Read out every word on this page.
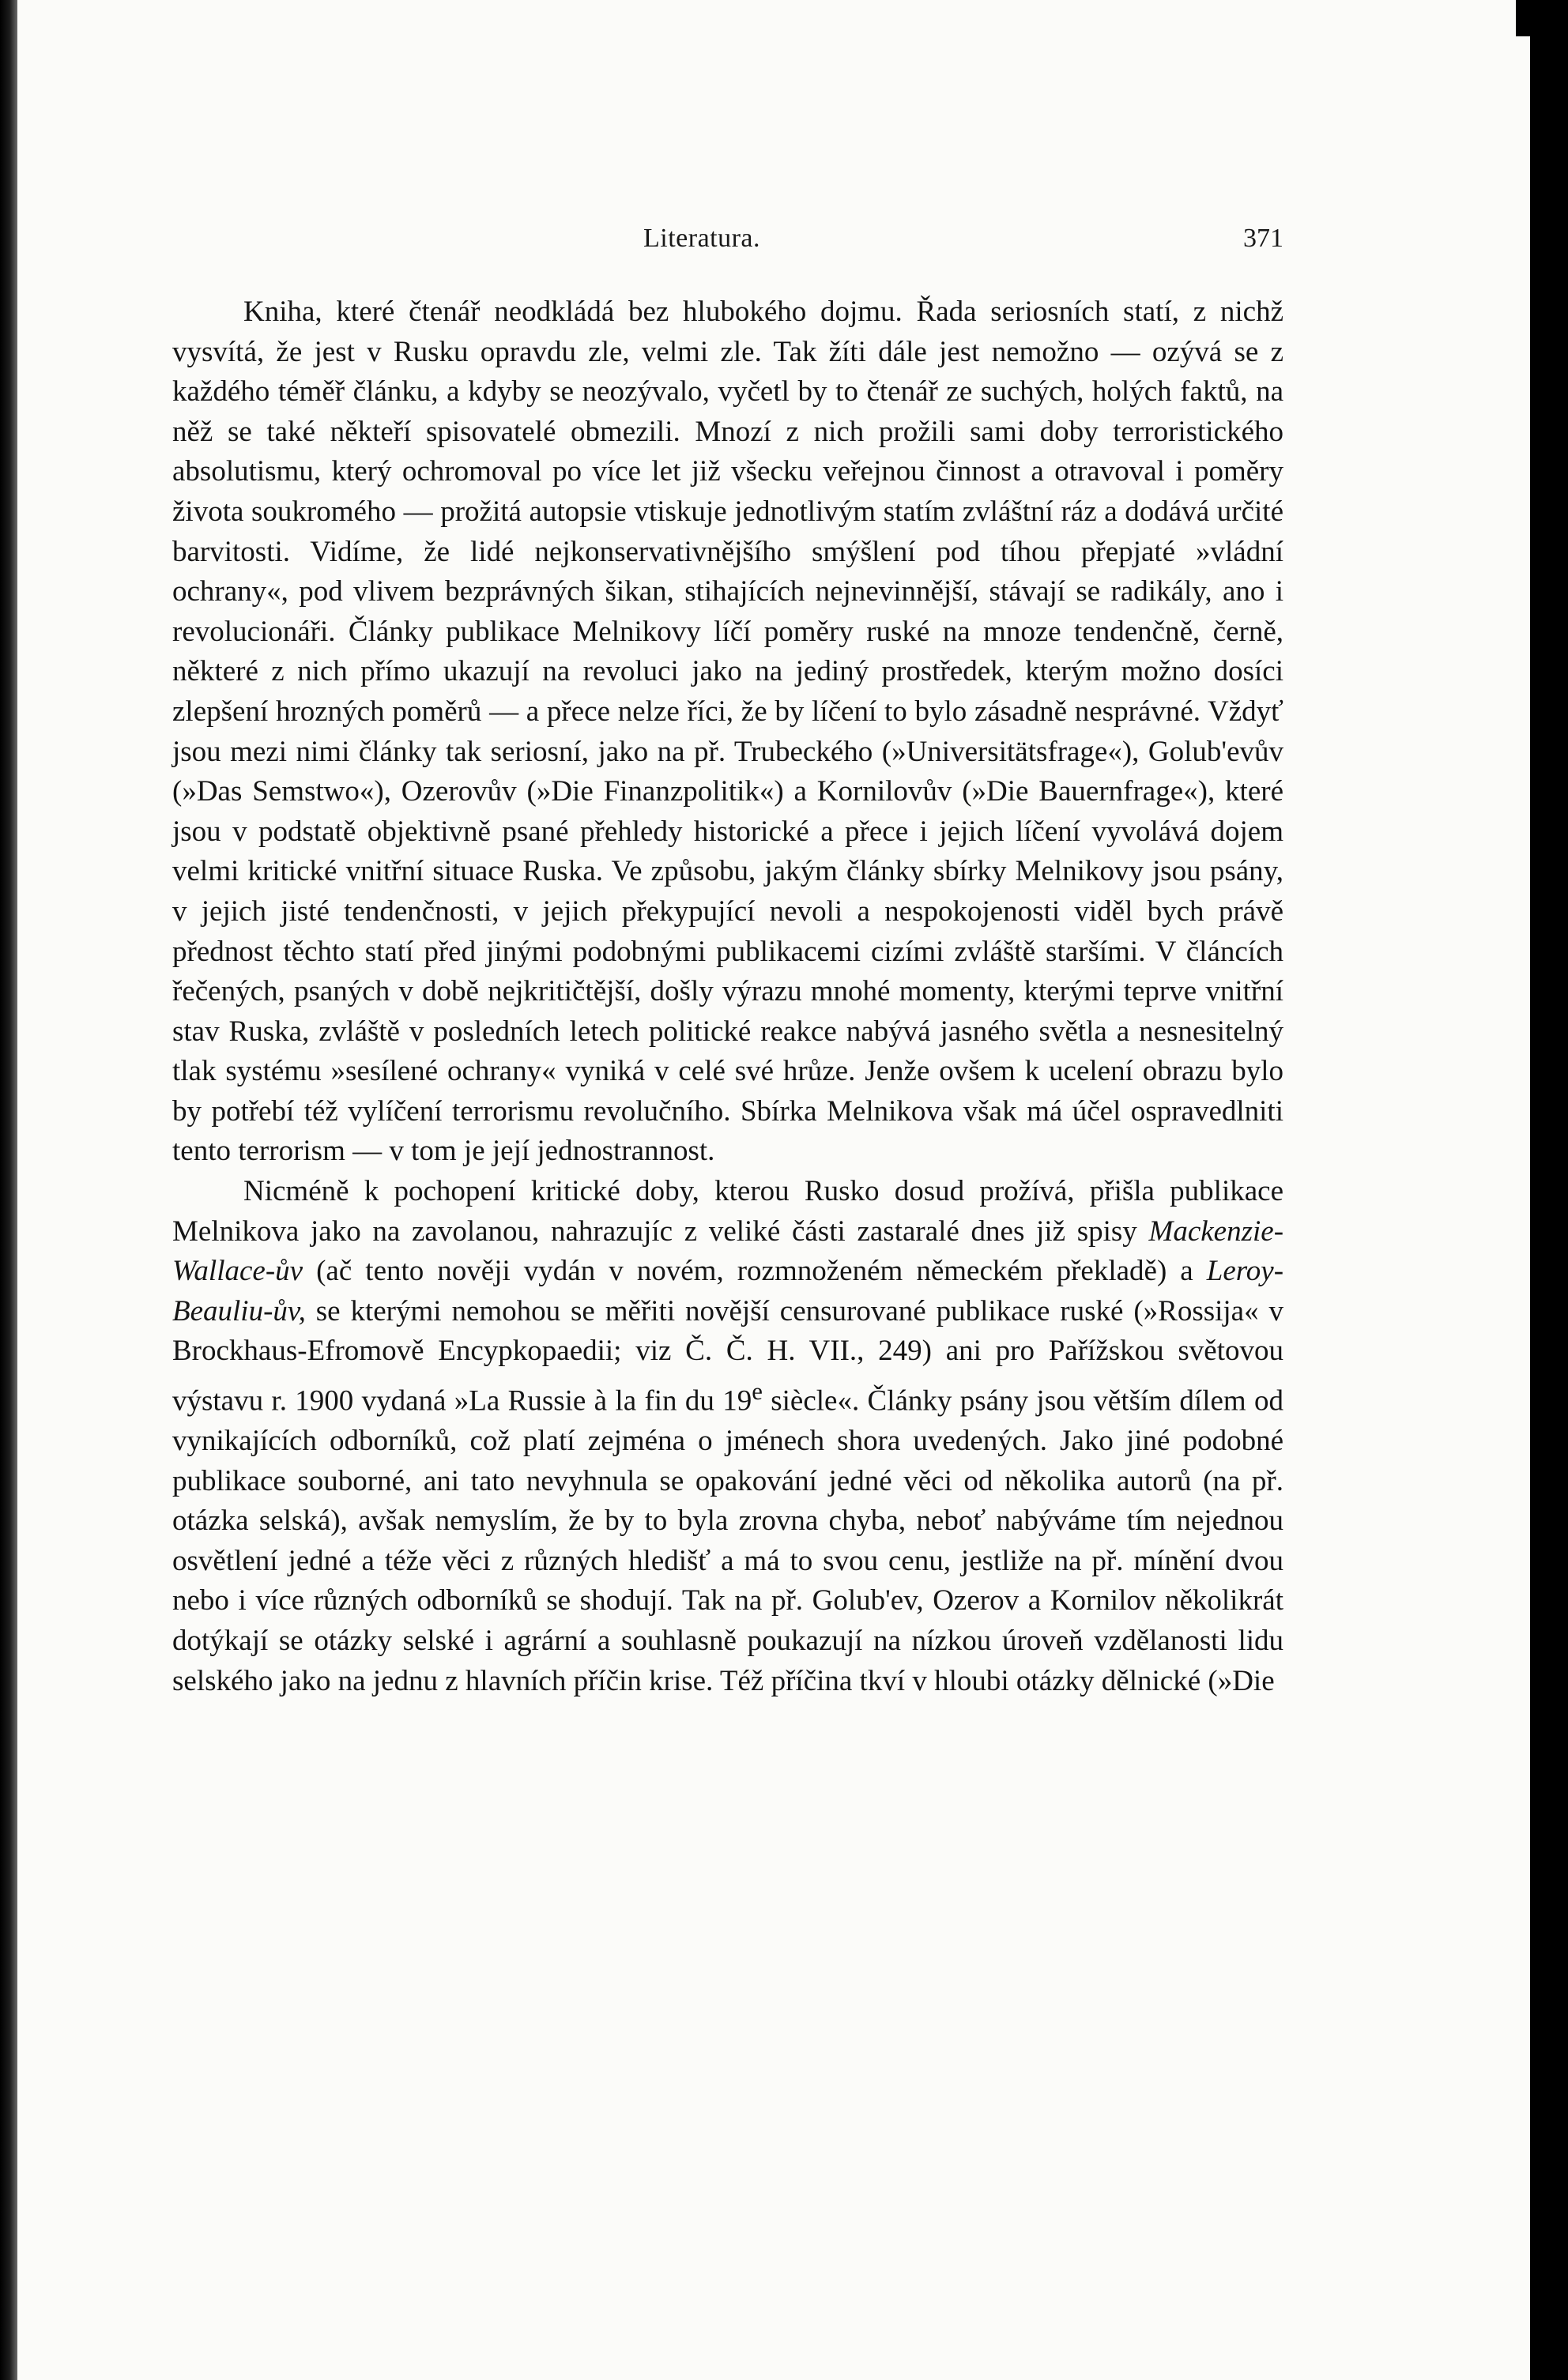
Literatura.	371

Kniha, které čtenář neodkládá bez hlubokého dojmu. Řada seriosních statí, z nichž vysvítá, že jest v Rusku opravdu zle, velmi zle. Tak žíti dále jest nemožno — ozývá se z každého téměř článku, a kdyby se neozývalo, vyčetl by to čtenář ze suchých, holých faktů, na něž se také někteří spisovatelé obmezili. Mnozí z nich prožili sami doby terroristického absolutismu, který ochromoval po více let již všecku veřejnou činnost a otravoval i poměry života soukromého — prožitá autopsie vtiskuje jednotlivým statím zvláštní ráz a dodává určité barvitosti. Vidíme, že lidé nejkonservativnějšího smýšlení pod tíhou přepjaté »vládní ochrany«, pod vlivem bezprávných šikan, stihajících nejnevinnější, stávají se radikály, ano i revolucionáři. Články publikace Melnikovy líčí poměry ruské na mnoze tendenčně, černě, některé z nich přímo ukazují na revoluci jako na jediný prostředek, kterým možno dosíci zlepšení hrozných poměrů — a přece nelze říci, že by líčení to bylo zásadně nesprávné. Vždyť jsou mezi nimi články tak seriosní, jako na př. Trubeckého (»Universitätsfrage«), Golub'evův (»Das Semstwo«), Ozerovův (»Die Finanzpolitik«) a Kornilovův (»Die Bauernfrage«), které jsou v podstatě objektivně psané přehledy historické a přece i jejich líčení vyvolává dojem velmi kritické vnitřní situace Ruska. Ve způsobu, jakým články sbírky Melnikovy jsou psány, v jejich jisté tendenčnosti, v jejich překypující nevoli a nespokojenosti viděl bych právě přednost těchto statí před jinými podobnými publikacemi cizími zvláště staršími. V článcích řečených, psaných v době nejkritičtější, došly výrazu mnohé momenty, kterými teprve vnitřní stav Ruska, zvláště v posledních letech politické reakce nabývá jasného světla a nesnesitelný tlak systému »sesílené ochrany« vyniká v celé své hrůze. Jenže ovšem k ucelení obrazu bylo by potřebí též vylíčení terrorismu revolučního. Sbírka Melnikova však má účel ospravedlniti tento terrorism — v tom je její jednostrannost.

Nicméně k pochopení kritické doby, kterou Rusko dosud prožívá, přišla publikace Melnikova jako na zavolanou, nahrazujíc z veliké části zastaralé dnes již spisy Mackenzie-Wallace-ův (ač tento nověji vydán v novém, rozmnoženém německém překladě) a Leroy-Beauliu-ův, se kterými nemohou se měřiti novější censurované publikace ruské (»Rossija« v Brockhaus-Efromově Encypkopaedii; viz Č. Č. H. VII., 249) ani pro Pařížskou světovou výstavu r. 1900 vydaná »La Russie à la fin du 19e siècle«. Články psány jsou větším dílem od vynikajících odborníků, což platí zejména o jménech shora uvedených. Jako jiné podobné publikace souborné, ani tato nevyhnula se opakování jedné věci od několika autorů (na př. otázka selská), avšak nemyslím, že by to byla zrovna chyba, neboť nabýváme tím nejednou osvětlení jedné a téže věci z různých hledišť a má to svou cenu, jestliže na př. mínění dvou nebo i více různých odborníků se shodují. Tak na př. Golub'ev, Ozerov a Kornilov několikrát dotýkají se otázky selské i agrární a souhlasně poukazují na nízkou úroveň vzdělanosti lidu selského jako na jednu z hlavních příčin krise. Též příčina tkví v hloubi otázky dělnické (»Die
